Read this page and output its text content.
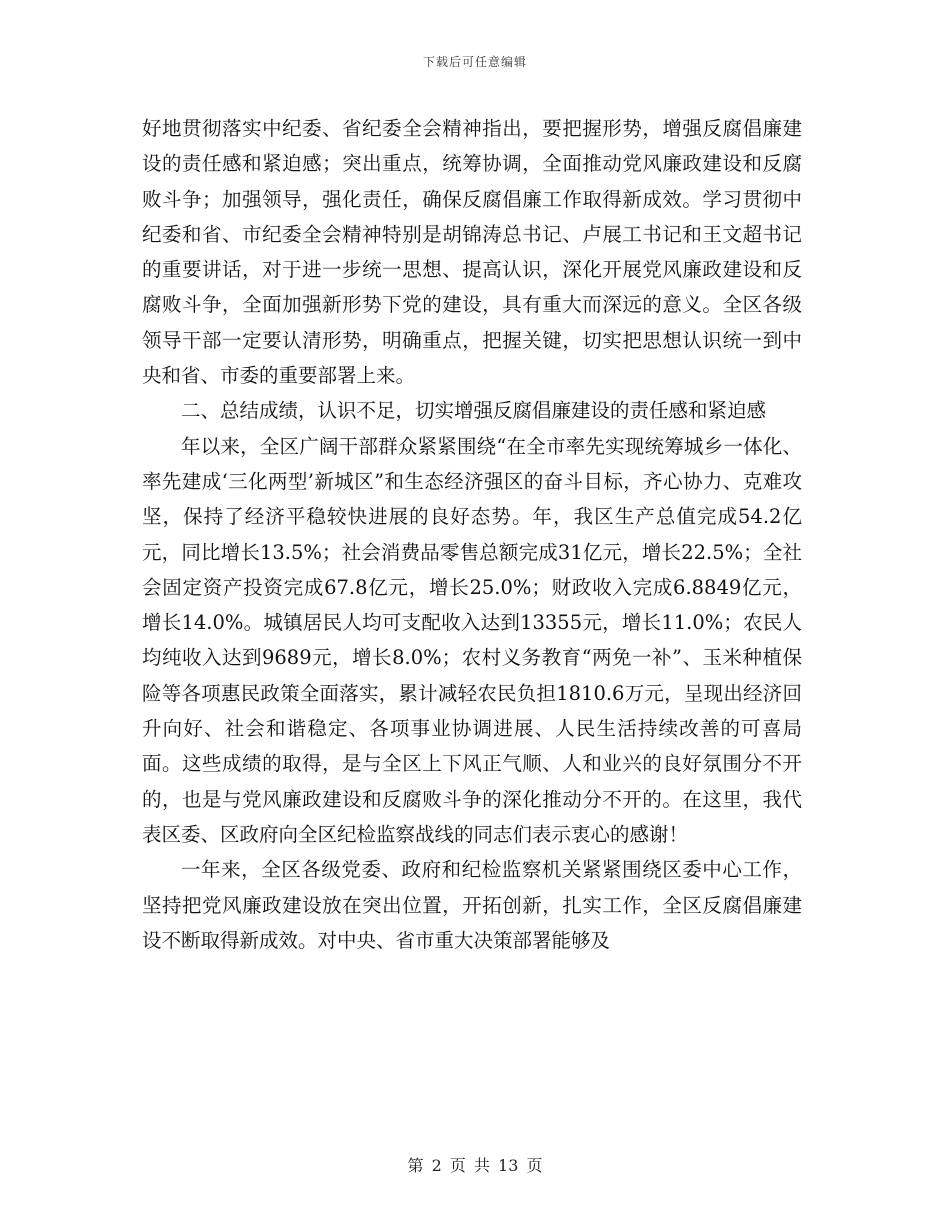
下载后可任意编辑

好地贯彻落实中纪委、省纪委全会精神指出，要把握形势，增强反腐倡廉建设的责任感和紧迫感；突出重点，统筹协调，全面推动党风廉政建设和反腐败斗争；加强领导，强化责任，确保反腐倡廉工作取得新成效。学习贯彻中纪委和省、市纪委全会精神特别是胡锦涛总书记、卢展工书记和王文超书记的重要讲话，对于进一步统一思想、提高认识，深化开展党风廉政建设和反腐败斗争，全面加强新形势下党的建设，具有重大而深远的意义。全区各级领导干部一定要认清形势，明确重点，把握关键，切实把思想认识统一到中央和省、市委的重要部署上来。

二、总结成绩，认识不足，切实增强反腐倡廉建设的责任感和紧迫感

年以来，全区广阔干部群众紧紧围绕“在全市率先实现统筹城乡一体化、率先建成‘三化两型’新城区”和生态经济强区的奋斗目标，齐心协力、克难攻坚，保持了经济平稳较快进展的良好态势。年，我区生产总值完成54.2亿元，同比增长13.5%；社会消费品零售总额完成31亿元，增长22.5%；全社会固定资产投资完成67.8亿元，增长25.0%；财政收入完成6.8849亿元，增长14.0%。城镇居民人均可支配收入达到13355元，增长11.0%；农民人均纯收入达到9689元，增长8.0%；农村义务教育“两免一补”、玉米种植保险等各项惠民政策全面落实，累计减轻农民负担1810.6万元，呈现出经济回升向好、社会和谐稳定、各项事业协调进展、人民生活持续改善的可喜局面。这些成绩的取得，是与全区上下风正气顺、人和业兴的良好氛围分不开的，也是与党风廉政建设和反腐败斗争的深化推动分不开的。在这里，我代表区委、区政府向全区纪检监察战线的同志们表示衷心的感谢！

一年来，全区各级党委、政府和纪检监察机关紧紧围绕区委中心工作，坚持把党风廉政建设放在突出位置，开拓创新，扎实工作，全区反腐倡廉建设不断取得新成效。对中央、省市重大决策部署能够及

第 2 页 共 13 页
